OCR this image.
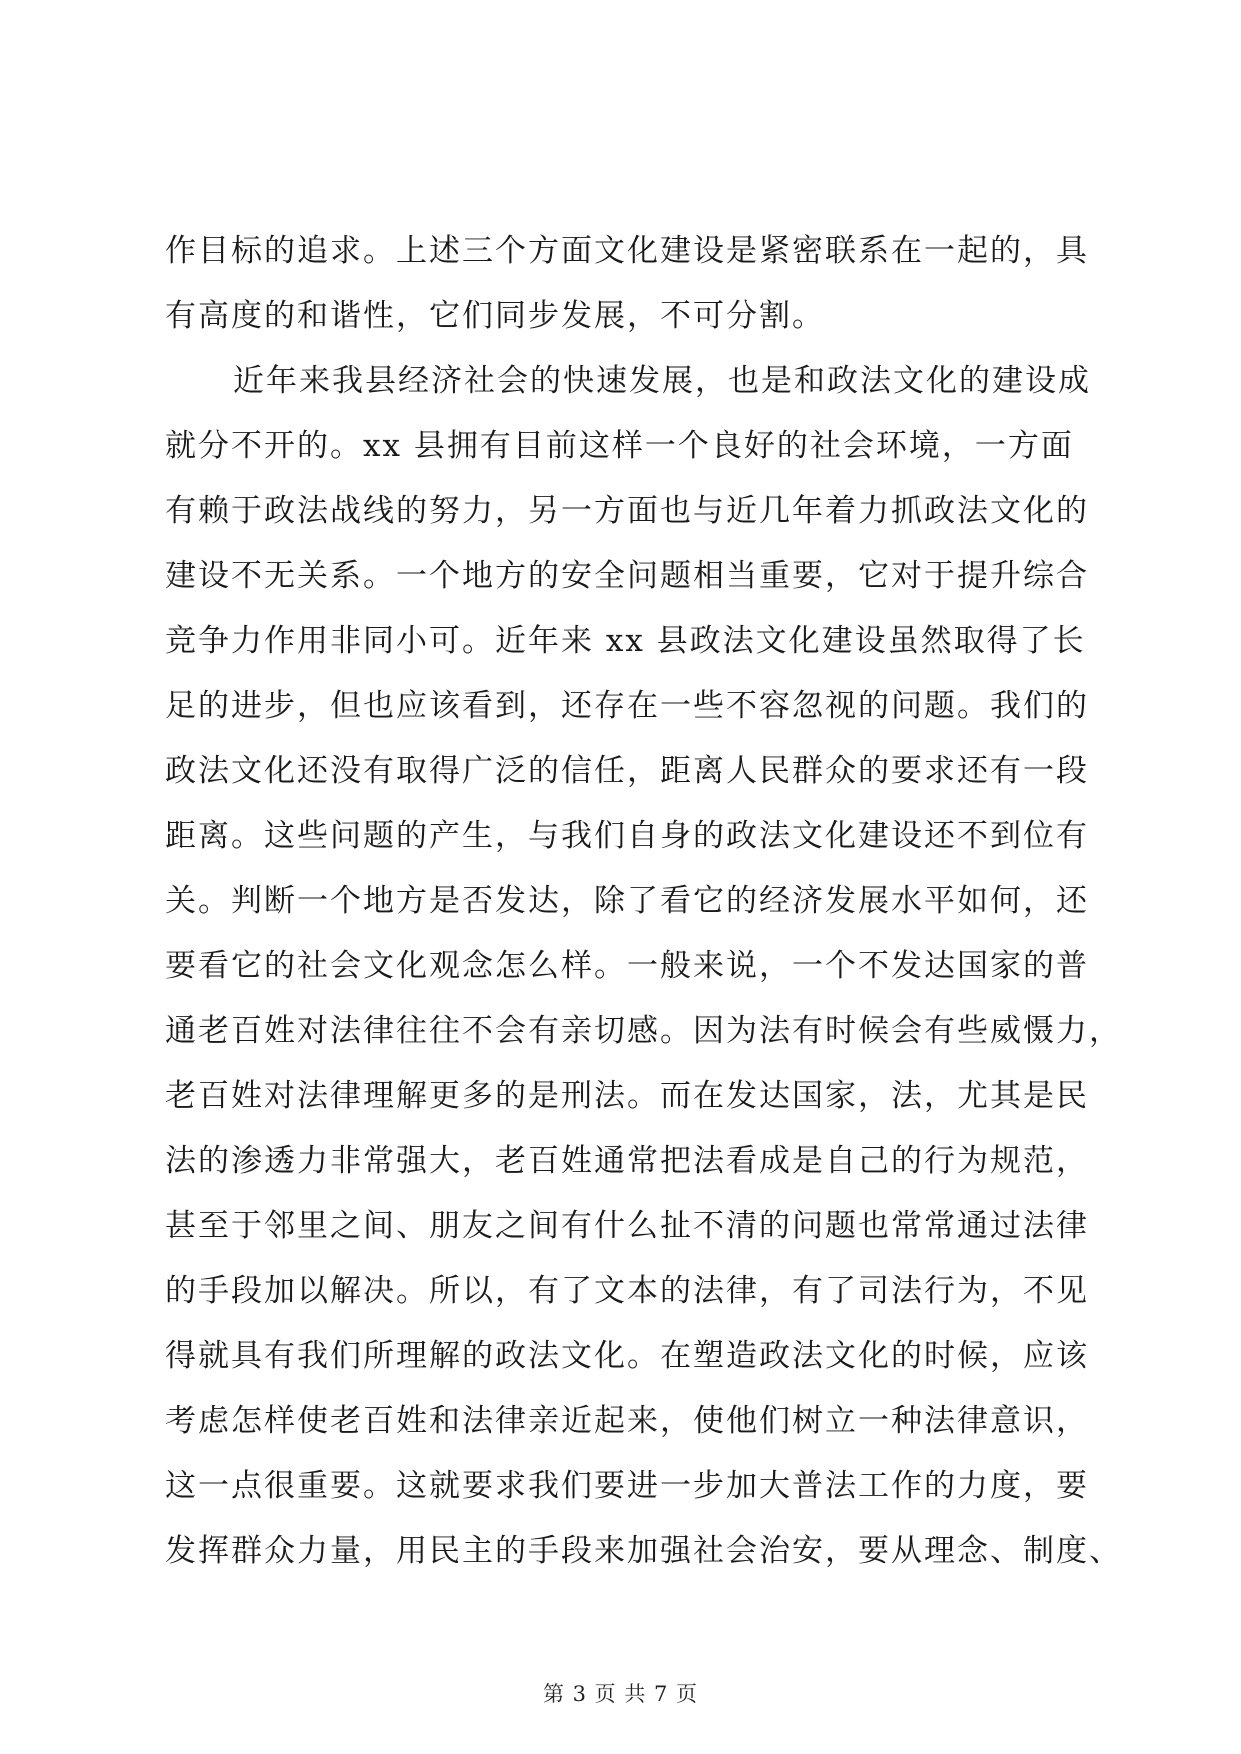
作目标的追求。上述三个方面文化建设是紧密联系在一起的，具
有高度的和谐性，它们同步发展，不可分割。
近年来我县经济社会的快速发展，也是和政法文化的建设成
就分不开的。xx 县拥有目前这样一个良好的社会环境，一方面
有赖于政法战线的努力，另一方面也与近几年着力抓政法文化的
建设不无关系。一个地方的安全问题相当重要，它对于提升综合
竞争力作用非同小可。近年来 xx 县政法文化建设虽然取得了长
足的进步，但也应该看到，还存在一些不容忽视的问题。我们的
政法文化还没有取得广泛的信任，距离人民群众的要求还有一段
距离。这些问题的产生，与我们自身的政法文化建设还不到位有
关。判断一个地方是否发达，除了看它的经济发展水平如何，还
要看它的社会文化观念怎么样。一般来说，一个不发达国家的普
通老百姓对法律往往不会有亲切感。因为法有时候会有些威慑力，
老百姓对法律理解更多的是刑法。而在发达国家，法，尤其是民
法的渗透力非常强大，老百姓通常把法看成是自己的行为规范，
甚至于邻里之间、朋友之间有什么扯不清的问题也常常通过法律
的手段加以解决。所以，有了文本的法律，有了司法行为，不见
得就具有我们所理解的政法文化。在塑造政法文化的时候，应该
考虑怎样使老百姓和法律亲近起来，使他们树立一种法律意识，
这一点很重要。这就要求我们要进一步加大普法工作的力度，要
发挥群众力量，用民主的手段来加强社会治安，要从理念、制度、
第 3 页 共 7 页
